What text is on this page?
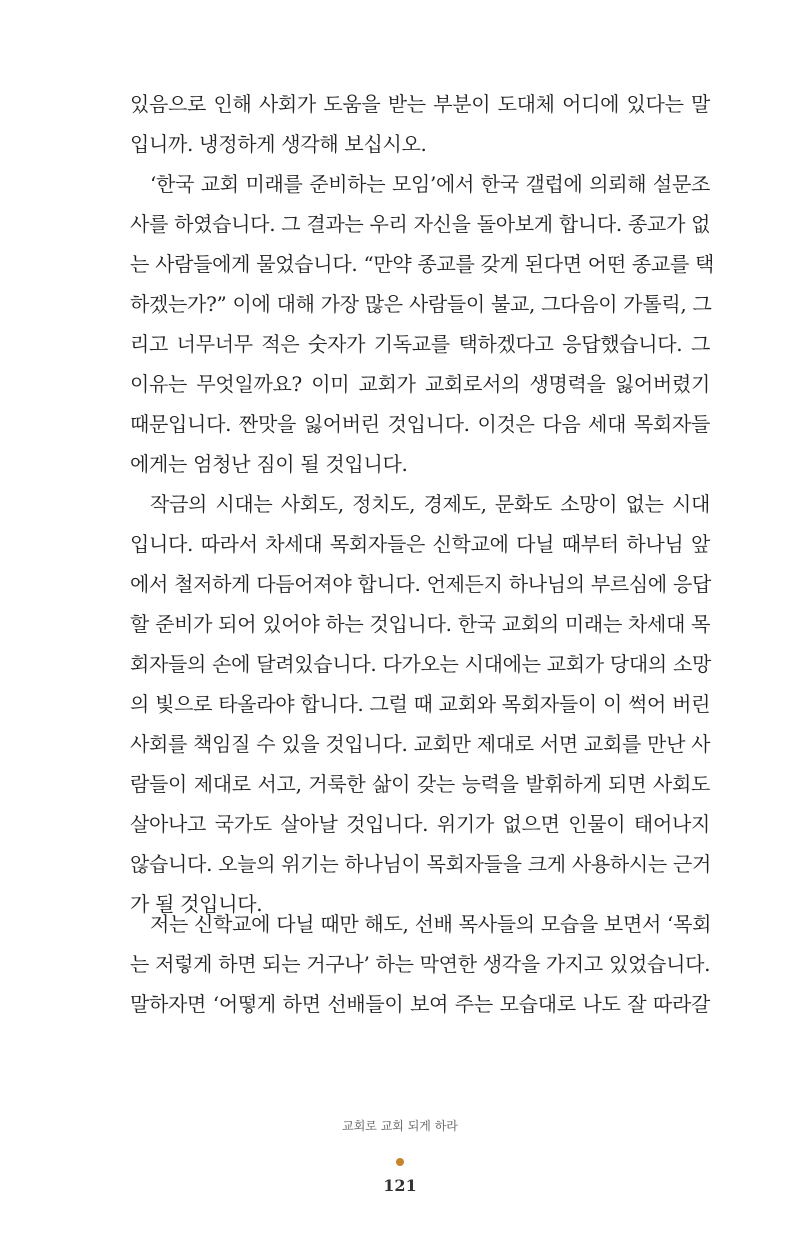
있음으로 인해 사회가 도움을 받는 부분이 도대체 어디에 있다는 말
입니까. 냉정하게 생각해 보십시오.
‘한국 교회 미래를 준비하는 모임’에서 한국 갤럽에 의뢰해 설문조
사를 하였습니다. 그 결과는 우리 자신을 돌아보게 합니다. 종교가 없
는 사람들에게 물었습니다. “만약 종교를 갖게 된다면 어떤 종교를 택
하겠는가?” 이에 대해 가장 많은 사람들이 불교, 그다음이 가톨릭, 그
리고 너무너무 적은 숫자가 기독교를 택하겠다고 응답했습니다. 그
이유는 무엇일까요? 이미 교회가 교회로서의 생명력을 잃어버렸기
때문입니다. 짠맛을 잃어버린 것입니다. 이것은 다음 세대 목회자들
에게는 엄청난 짐이 될 것입니다.
작금의 시대는 사회도, 정치도, 경제도, 문화도 소망이 없는 시대
입니다. 따라서 차세대 목회자들은 신학교에 다닐 때부터 하나님 앞
에서 철저하게 다듬어져야 합니다. 언제든지 하나님의 부르심에 응답
할 준비가 되어 있어야 하는 것입니다. 한국 교회의 미래는 차세대 목
회자들의 손에 달려있습니다. 다가오는 시대에는 교회가 당대의 소망
의 빛으로 타올라야 합니다. 그럴 때 교회와 목회자들이 이 썩어 버린
사회를 책임질 수 있을 것입니다. 교회만 제대로 서면 교회를 만난 사
람들이 제대로 서고, 거룩한 삶이 갖는 능력을 발휘하게 되면 사회도
살아나고 국가도 살아날 것입니다. 위기가 없으면 인물이 태어나지
않습니다. 오늘의 위기는 하나님이 목회자들을 크게 사용하시는 근거
가 될 것입니다.
저는 신학교에 다닐 때만 해도, 선배 목사들의 모습을 보면서 ‘목회
는 저렇게 하면 되는 거구나’ 하는 막연한 생각을 가지고 있었습니다.
말하자면 ‘어떻게 하면 선배들이 보여 주는 모습대로 나도 잘 따라갈
교회로 교회 되게 하라
121
